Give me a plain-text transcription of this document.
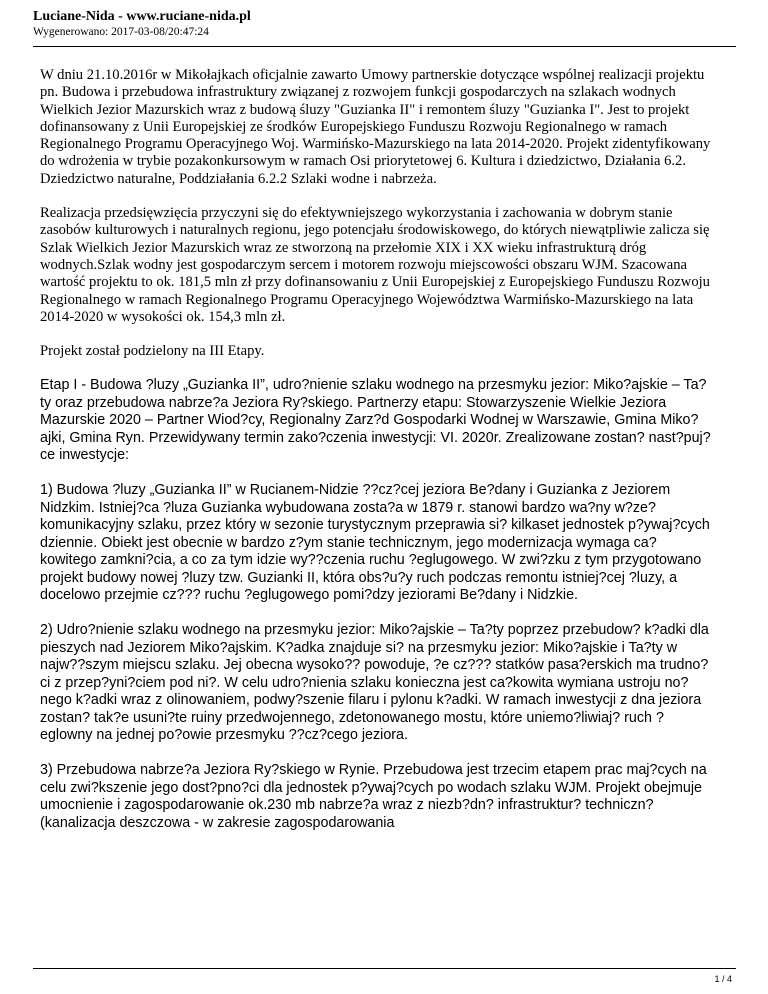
Luciane-Nida - www.ruciane-nida.pl
Wygenerowano: 2017-03-08/20:47:24

W dniu 21.10.2016r w Mikołajkach oficjalnie zawarto Umowy partnerskie dotyczące wspólnej realizacji projektu pn. Budowa i przebudowa infrastruktury związanej z rozwojem funkcji gospodarczych na szlakach wodnych Wielkich Jezior Mazurskich wraz z budową śluzy "Guzianka II" i remontem śluzy "Guzianka I". Jest to projekt dofinansowany z Unii Europejskiej ze środków Europejskiego Funduszu Rozwoju Regionalnego w ramach Regionalnego Programu Operacyjnego Woj. Warmińsko-Mazurskiego na lata 2014-2020. Projekt zidentyfikowany do wdrożenia w trybie pozakonkursowym w ramach Osi priorytetowej 6. Kultura i dziedzictwo, Działania 6.2. Dziedzictwo naturalne, Poddziałania 6.2.2 Szlaki wodne i nabrzeża.

Realizacja przedsięwzięcia przyczyni się do efektywniejszego wykorzystania i zachowania w dobrym stanie zasobów kulturowych i naturalnych regionu, jego potencjału środowiskowego, do których niewątpliwie zalicza się Szlak Wielkich Jezior Mazurskich wraz ze stworzoną na przełomie XIX i XX wieku infrastrukturą dróg wodnych.Szlak wodny jest gospodarczym sercem i motorem rozwoju miejscowości obszaru WJM. Szacowana wartość projektu to ok. 181,5 mln zł przy dofinansowaniu z Unii Europejskiej z Europejskiego Funduszu Rozwoju Regionalnego w ramach Regionalnego Programu Operacyjnego Województwa Warmińsko-Mazurskiego na lata 2014-2020 w wysokości ok. 154,3 mln zł.

Projekt został podzielony na III Etapy.

Etap I - Budowa ?luzy „Guzianka II”, udro?nienie szlaku wodnego na przesmyku jezior: Miko?ajskie – Ta?ty oraz przebudowa nabrze?a Jeziora Ry?skiego. Partnerzy etapu: Stowarzyszenie Wielkie Jeziora Mazurskie 2020 – Partner Wiod?cy, Regionalny Zarz?d Gospodarki Wodnej w Warszawie, Gmina Miko?ajki, Gmina Ryn. Przewidywany termin zako?czenia inwestycji: VI. 2020r. Zrealizowane zostan? nast?puj?ce inwestycje:

1) Budowa ?luzy „Guzianka II” w Rucianem-Nidzie ??cz?cej jeziora Be?dany i Guzianka z Jeziorem Nidzkim. Istniej?ca ?luza Guzianka wybudowana zosta?a w 1879 r. stanowi bardzo wa?ny w?ze? komunikacyjny szlaku, przez który w sezonie turystycznym przeprawia si? kilkaset jednostek p?ywaj?cych dziennie. Obiekt jest obecnie w bardzo z?ym stanie technicznym, jego modernizacja wymaga ca?kowitego zamkni?cia, a co za tym idzie wy??czenia ruchu ?eglugowego. W zwi?zku z tym przygotowano projekt budowy nowej ?luzy tzw. Guzianki II, która obs?u?y ruch podczas remontu istniej?cej ?luzy, a docelowo przejmie cz??? ruchu ?eglugowego pomi?dzy jeziorami Be?dany i Nidzkie.

2) Udro?nienie szlaku wodnego na przesmyku jezior: Miko?ajskie – Ta?ty poprzez przebudow? k?adki dla pieszych nad Jeziorem Miko?ajskim. K?adka znajduje si? na przesmyku jezior: Miko?ajskie i Ta?ty w najw??szym miejscu szlaku. Jej obecna wysoko?? powoduje, ?e cz??? statków pasa?erskich ma trudno?ci z przep?yni?ciem pod ni?. W celu udro?nienia szlaku konieczna jest ca?kowita wymiana ustroju no?nego k?adki wraz z olinowaniem, podwy?szenie filaru i pylonu k?adki. W ramach inwestycji z dna jeziora zostan? tak?e usuni?te ruiny przedwojennego, zdetonowanego mostu, które uniemo?liwiaj? ruch ?eglowny na jednej po?owie przesmyku ??cz?cego jeziora.

3) Przebudowa nabrze?a Jeziora Ry?skiego w Rynie. Przebudowa jest trzecim etapem prac maj?cych na celu zwi?kszenie jego dost?pno?ci dla jednostek p?ywaj?cych po wodach szlaku WJM. Projekt obejmuje umocnienie i zagospodarowanie ok.230 mb nabrze?a wraz z niezb?dn? infrastruktur? techniczn? (kanalizacja deszczowa - w zakresie zagospodarowania

1 / 4
